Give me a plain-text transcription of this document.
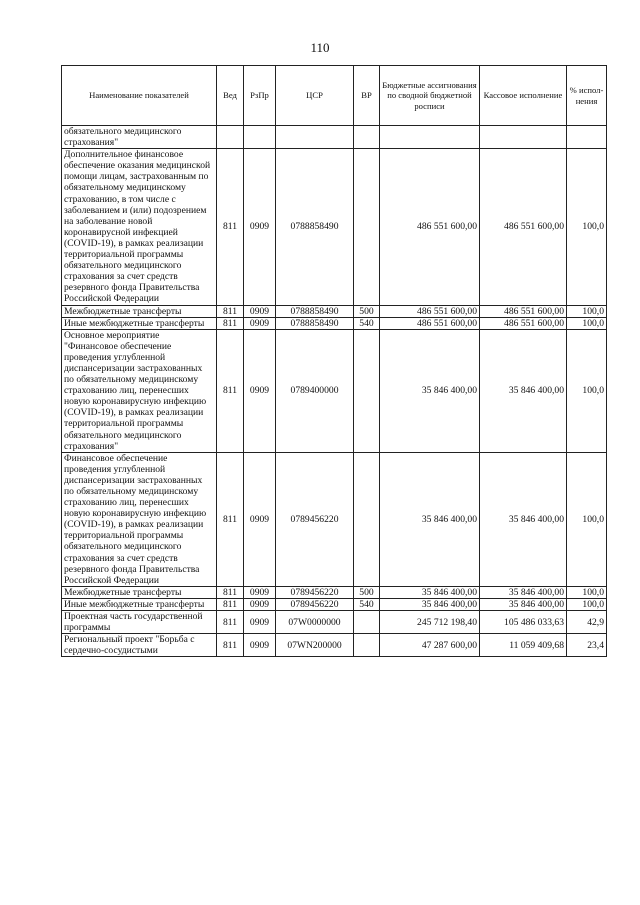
110
Наименование показателей	Вед	РзПр	ЦСР	ВР	Бюджетные ассигнования по сводной бюджетной росписи	Кассовое исполнение	% испол-нения
обязательного медицинского страхования"							
Дополнительное финансовое обеспечение оказания медицинской помощи лицам, застрахованным по обязательному медицинскому страхованию, в том числе с заболеванием и (или) подозрением на заболевание новой коронавирусной инфекцией (COVID-19), в рамках реализации территориальной программы обязательного медицинского страхования за счет средств резервного фонда Правительства Российской Федерации	811	0909	0788858490		486 551 600,00	486 551 600,00	100,0
Межбюджетные трансферты	811	0909	0788858490	500	486 551 600,00	486 551 600,00	100,0
Иные межбюджетные трансферты	811	0909	0788858490	540	486 551 600,00	486 551 600,00	100,0
Основное мероприятие "Финансовое обеспечение проведения углубленной диспансеризации застрахованных по обязательному медицинскому страхованию лиц, перенесших новую коронавирусную инфекцию (COVID-19), в рамках реализации территориальной программы обязательного медицинского страхования"	811	0909	0789400000		35 846 400,00	35 846 400,00	100,0
Финансовое обеспечение проведения углубленной диспансеризации застрахованных по обязательному медицинскому страхованию лиц, перенесших новую коронавирусную инфекцию (COVID-19), в рамках реализации территориальной программы обязательного медицинского страхования за счет средств резервного фонда Правительства Российской Федерации	811	0909	0789456220		35 846 400,00	35 846 400,00	100,0
Межбюджетные трансферты	811	0909	0789456220	500	35 846 400,00	35 846 400,00	100,0
Иные межбюджетные трансферты	811	0909	0789456220	540	35 846 400,00	35 846 400,00	100,0
Проектная часть государственной программы	811	0909	07W0000000		245 712 198,40	105 486 033,63	42,9
Региональный проект "Борьба с сердечно-сосудистыми	811	0909	07WN200000		47 287 600,00	11 059 409,68	23,4
